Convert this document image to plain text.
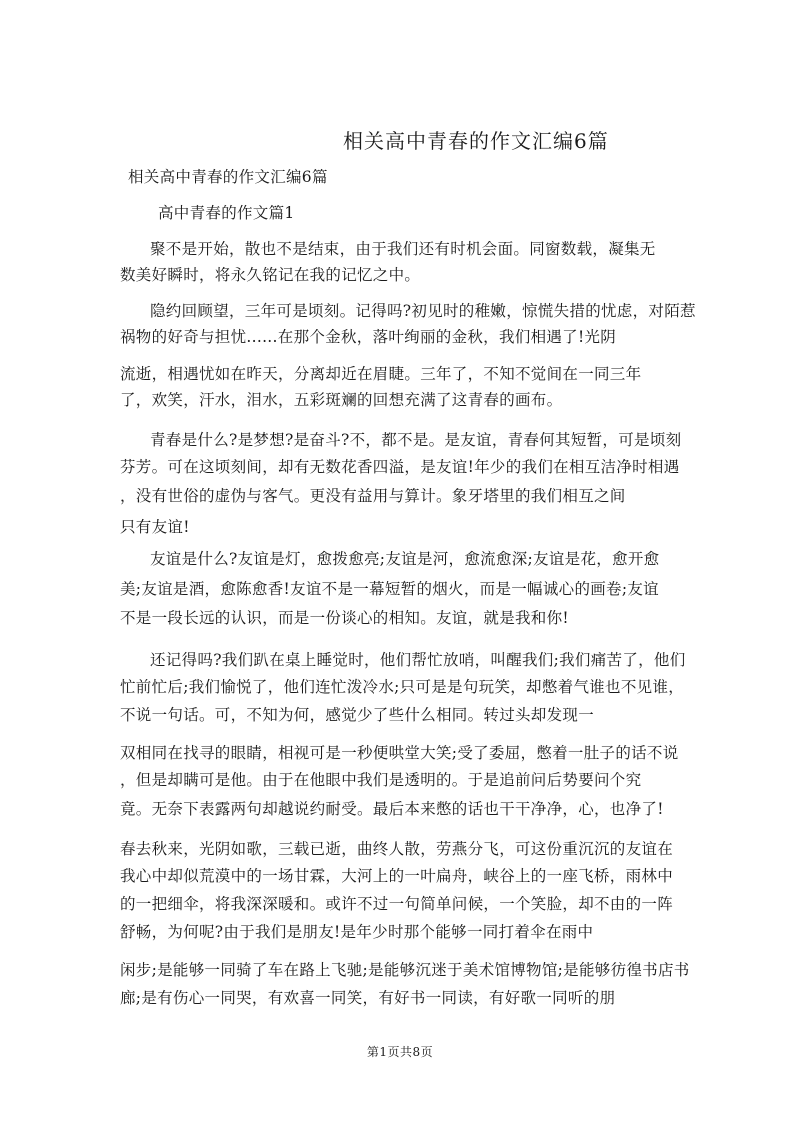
相关高中青春的作文汇编6篇
相关高中青春的作文汇编6篇
高中青春的作文篇1
聚不是开始，散也不是结束，由于我们还有时机会面。同窗数载，凝集无
数美好瞬时，将永久铭记在我的记忆之中。
隐约回顾望，三年可是顷刻。记得吗?初见时的稚嫩，惊慌失措的忧虑，对陌惹
祸物的好奇与担忧......在那个金秋，落叶绚丽的金秋，我们相遇了!光阴
流逝，相遇忧如在昨天，分离却近在眉睫。三年了，不知不觉间在一同三年
了，欢笑，汗水，泪水，五彩斑斓的回想充满了这青春的画布。
青春是什么?是梦想?是奋斗?不，都不是。是友谊，青春何其短暂，可是顷刻
芬芳。可在这顷刻间，却有无数花香四溢，是友谊!年少的我们在相互洁净时相遇
，没有世俗的虚伪与客气。更没有益用与算计。象牙塔里的我们相互之间
只有友谊!
友谊是什么?友谊是灯，愈拨愈亮;友谊是河，愈流愈深;友谊是花，愈开愈
美;友谊是酒，愈陈愈香!友谊不是一幕短暂的烟火，而是一幅诚心的画卷;友谊
不是一段长远的认识，而是一份谈心的相知。友谊，就是我和你!
还记得吗?我们趴在桌上睡觉时，他们帮忙放哨，叫醒我们;我们痛苦了，他们
忙前忙后;我们愉悦了，他们连忙泼冷水;只可是是句玩笑，却憋着气谁也不见谁，
不说一句话。可，不知为何，感觉少了些什么相同。转过头却发现一
双相同在找寻的眼睛，相视可是一秒便哄堂大笑;受了委屈，憋着一肚子的话不说
，但是却瞒可是他。由于在他眼中我们是透明的。于是追前问后势要问个究
竟。无奈下表露两句却越说约耐受。最后本来憋的话也干干净净，心，也净了!
春去秋来，光阴如歌，三载已逝，曲终人散，劳燕分飞，可这份重沉沉的友谊在
我心中却似荒漠中的一场甘霖，大河上的一叶扁舟，峡谷上的一座飞桥，雨林中
的一把细伞，将我深深暖和。或许不过一句简单问候，一个笑脸，却不由的一阵
舒畅，为何呢?由于我们是朋友!是年少时那个能够一同打着伞在雨中
闲步;是能够一同骑了车在路上飞驰;是能够沉迷于美术馆博物馆;是能够彷徨书店书
廊;是有伤心一同哭，有欢喜一同笑，有好书一同读，有好歌一同听的朋
第1页共8页
